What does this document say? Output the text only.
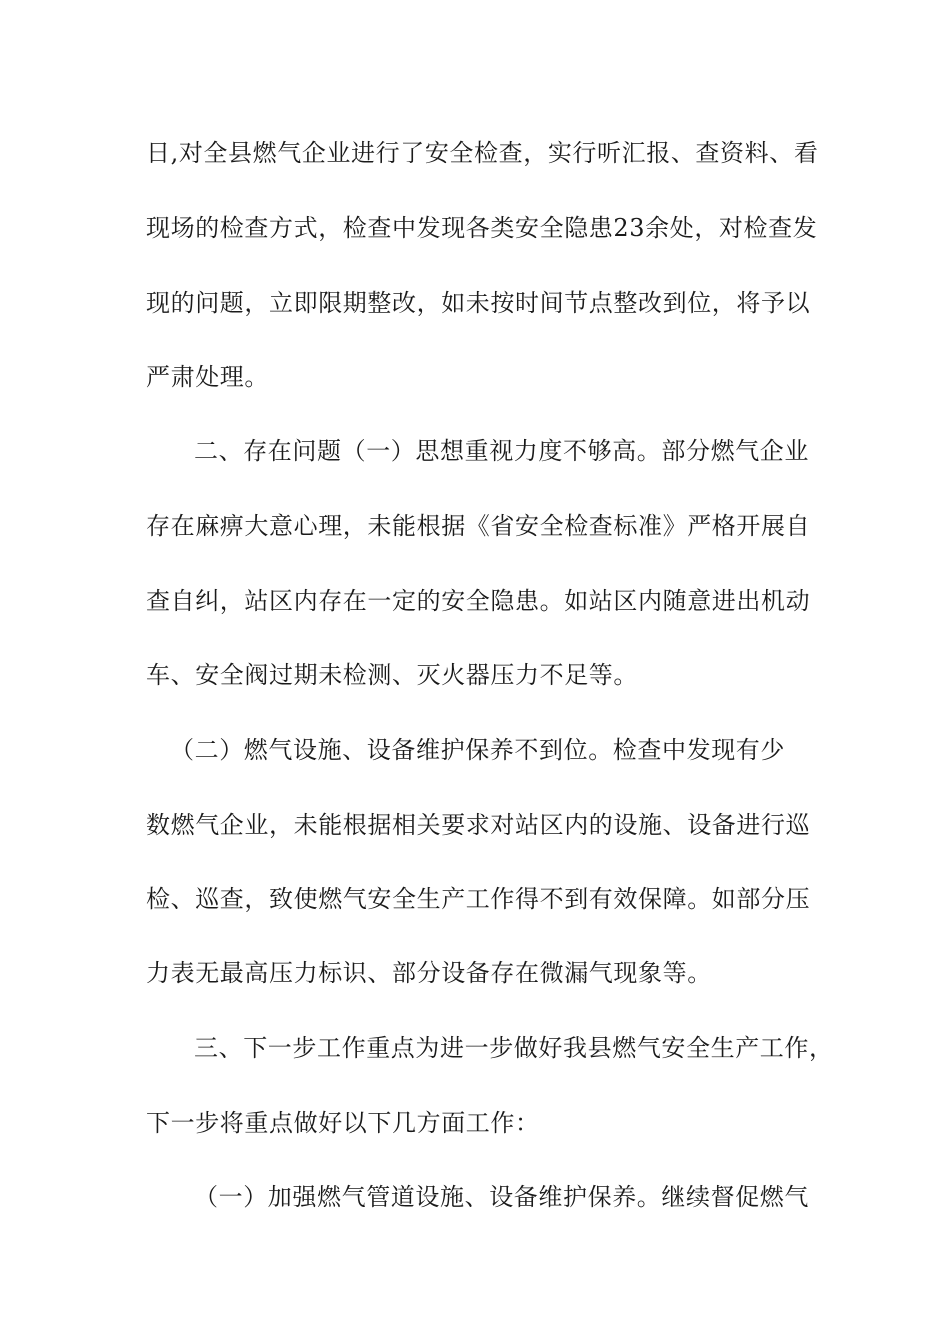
日,对全县燃气企业进行了安全检查，实行听汇报、查资料、看
现场的检查方式，检查中发现各类安全隐患23余处，对检查发
现的问题，立即限期整改，如未按时间节点整改到位，将予以
严肃处理。
二、存在问题（一）思想重视力度不够高。部分燃气企业
存在麻痹大意心理，未能根据《省安全检查标准》严格开展自
查自纠，站区内存在一定的安全隐患。如站区内随意进出机动
车、安全阀过期未检测、灭火器压力不足等。
（二）燃气设施、设备维护保养不到位。检查中发现有少
数燃气企业，未能根据相关要求对站区内的设施、设备进行巡
检、巡查，致使燃气安全生产工作得不到有效保障。如部分压
力表无最高压力标识、部分设备存在微漏气现象等。
三、下一步工作重点为进一步做好我县燃气安全生产工作，
下一步将重点做好以下几方面工作：
（一）加强燃气管道设施、设备维护保养。继续督促燃气
